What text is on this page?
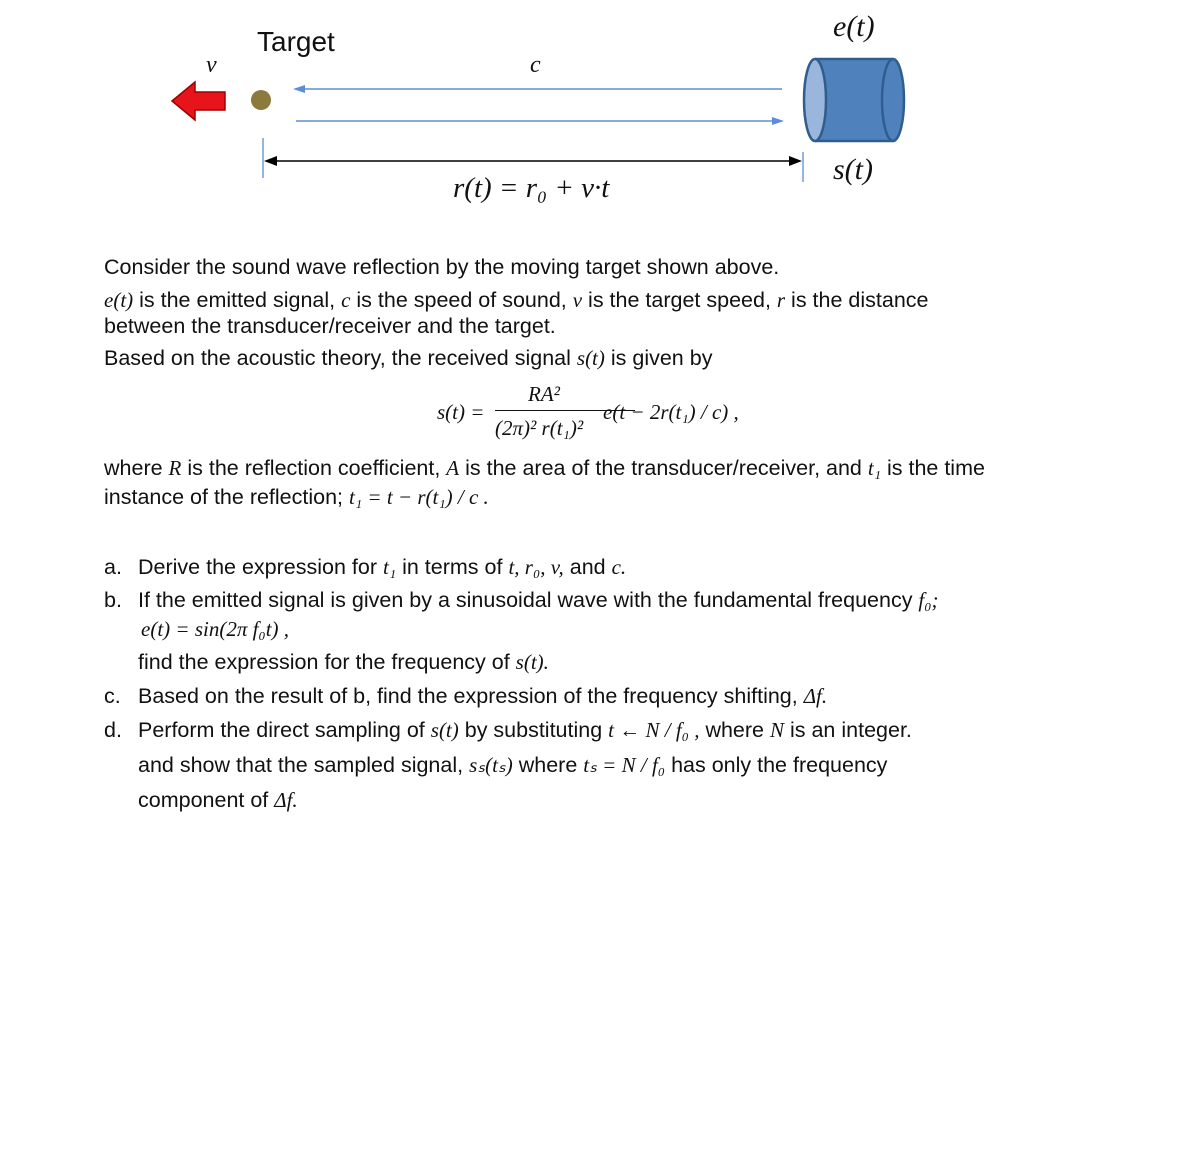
Target
v	c
e(t)
s(t)
r(t) = r₀ + v·t
Consider the sound wave reflection by the moving target shown above.
e(t) is the emitted signal, c is the speed of sound, v is the target speed, r is the distance
between the transducer/receiver and the target.
Based on the acoustic theory, the received signal s(t) is given by
s(t) =
RA²
(2π)² r(t₁)²
e(t − 2r(t₁) / c) ,
where R is the reflection coefficient, A is the area of the transducer/receiver, and t₁ is the time
instance of the reflection; t₁ = t − r(t₁) / c .
a. Derive the expression for t₁ in terms of t, r₀, v, and c.
b. If the emitted signal is given by a sinusoidal wave with the fundamental frequency f₀;
e(t) = sin(2π f₀t) ,
find the expression for the frequency of s(t).
c. Based on the result of b, find the expression of the frequency shifting, Δf.
d. Perform the direct sampling of s(t) by substituting t ← N / f₀ , where N is an integer.
and show that the sampled signal, sₛ(tₛ) where tₛ = N / f₀ has only the frequency
component of Δf.
